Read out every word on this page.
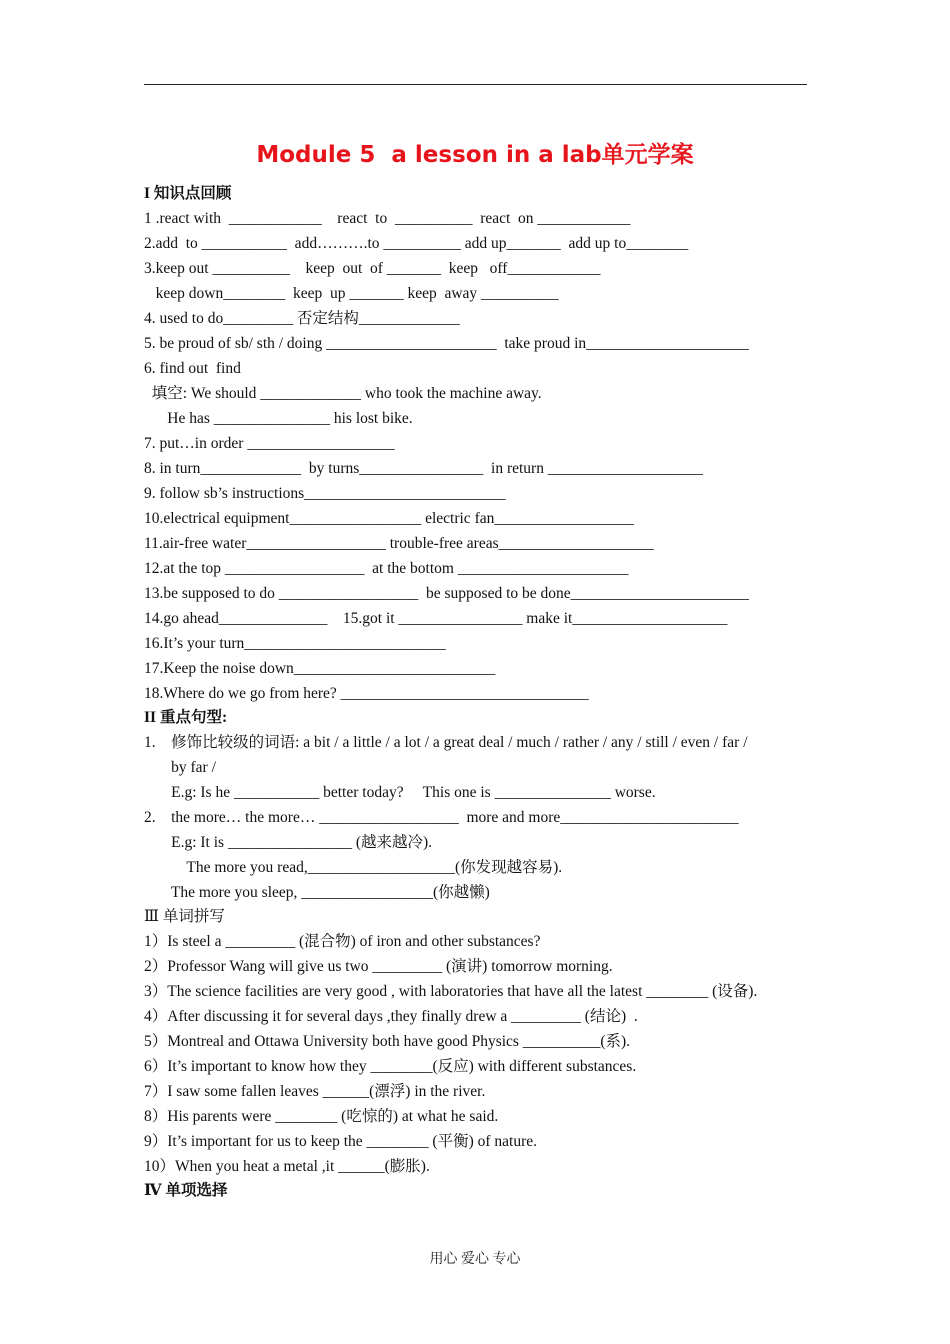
Module 5  a lesson in a lab单元学案
I 知识点回顾
1 .react with  ____________    react  to  __________  react  on ____________
2.add  to ___________  add……….to __________ add up_______  add up to________
3.keep out __________    keep  out  of _______  keep   off____________
keep down________  keep  up _______ keep  away __________
4. used to do_________ 否定结构_____________
5. be proud of sb/ sth / doing ______________________  take proud in_____________________
6. find out  find
填空: We should _____________ who took the machine away.
He has _______________ his lost bike.
7. put…in order ___________________
8. in turn_____________  by turns________________  in return ____________________
9. follow sb’s instructions__________________________
10.electrical equipment_________________ electric fan__________________
11.air-free water__________________ trouble-free areas____________________
12.at the top __________________  at the bottom ______________________
13.be supposed to do __________________  be supposed to be done_______________________
14.go ahead______________    15.got it ________________ make it____________________
16.It’s your turn__________________________
17.Keep the noise down__________________________
18.Where do we go from here? ________________________________
II 重点句型:
1.    修饰比较级的词语: a bit / a little / a lot / a great deal / much / rather / any / still / even / far /
by far /
E.g: Is he ___________ better today?     This one is _______________ worse.
2.    the more… the more… __________________  more and more_______________________
E.g: It is ________________ (越来越冷).
The more you read,___________________(你发现越容易).
The more you sleep, _________________(你越懒)
Ⅲ 单词拼写
1）Is steel a _________ (混合物) of iron and other substances?
2）Professor Wang will give us two _________ (演讲) tomorrow morning.
3）The science facilities are very good , with laboratories that have all the latest ________ (设备).
4）After discussing it for several days ,they finally drew a _________ (结论)  .
5）Montreal and Ottawa University both have good Physics __________(系).
6）It’s important to know how they ________(反应) with different substances.
7）I saw some fallen leaves ______(漂浮) in the river.
8）His parents were ________ (吃惊的) at what he said.
9）It’s important for us to keep the ________ (平衡) of nature.
10）When you heat a metal ,it ______(膨胀).
Ⅳ 单项选择
用心 爱心 专心
